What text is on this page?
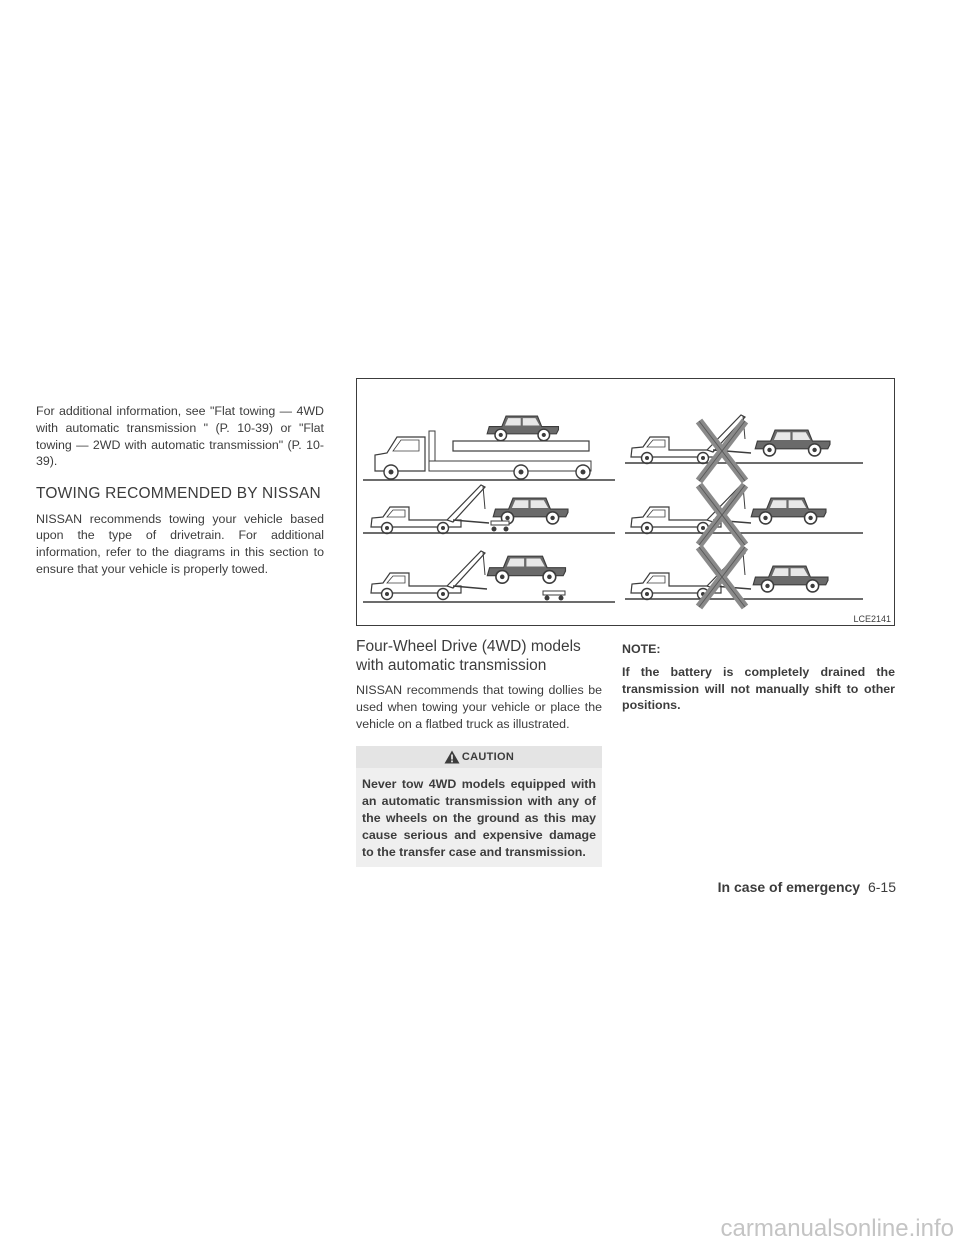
For additional information, see "Flat towing — 4WD with automatic transmission " (P. 10-39) or "Flat towing — 2WD with automatic transmission" (P. 10-39).

TOWING RECOMMENDED BY NISSAN

NISSAN recommends towing your vehicle based upon the type of drivetrain. For additional information, refer to the diagrams in this section to ensure that your vehicle is properly towed.

LCE2141
Four-Wheel Drive (4WD) models with automatic transmission

NISSAN recommends that towing dollies be used when towing your vehicle or place the vehicle on a flatbed truck as illustrated.

CAUTION
Never tow 4WD models equipped with an automatic transmission with any of the wheels on the ground as this may cause serious and expensive damage to the transfer case and transmission.
NOTE:

If the battery is completely drained the transmission will not manually shift to other positions.

In case of emergency 6-15
carmanualsonline.info
